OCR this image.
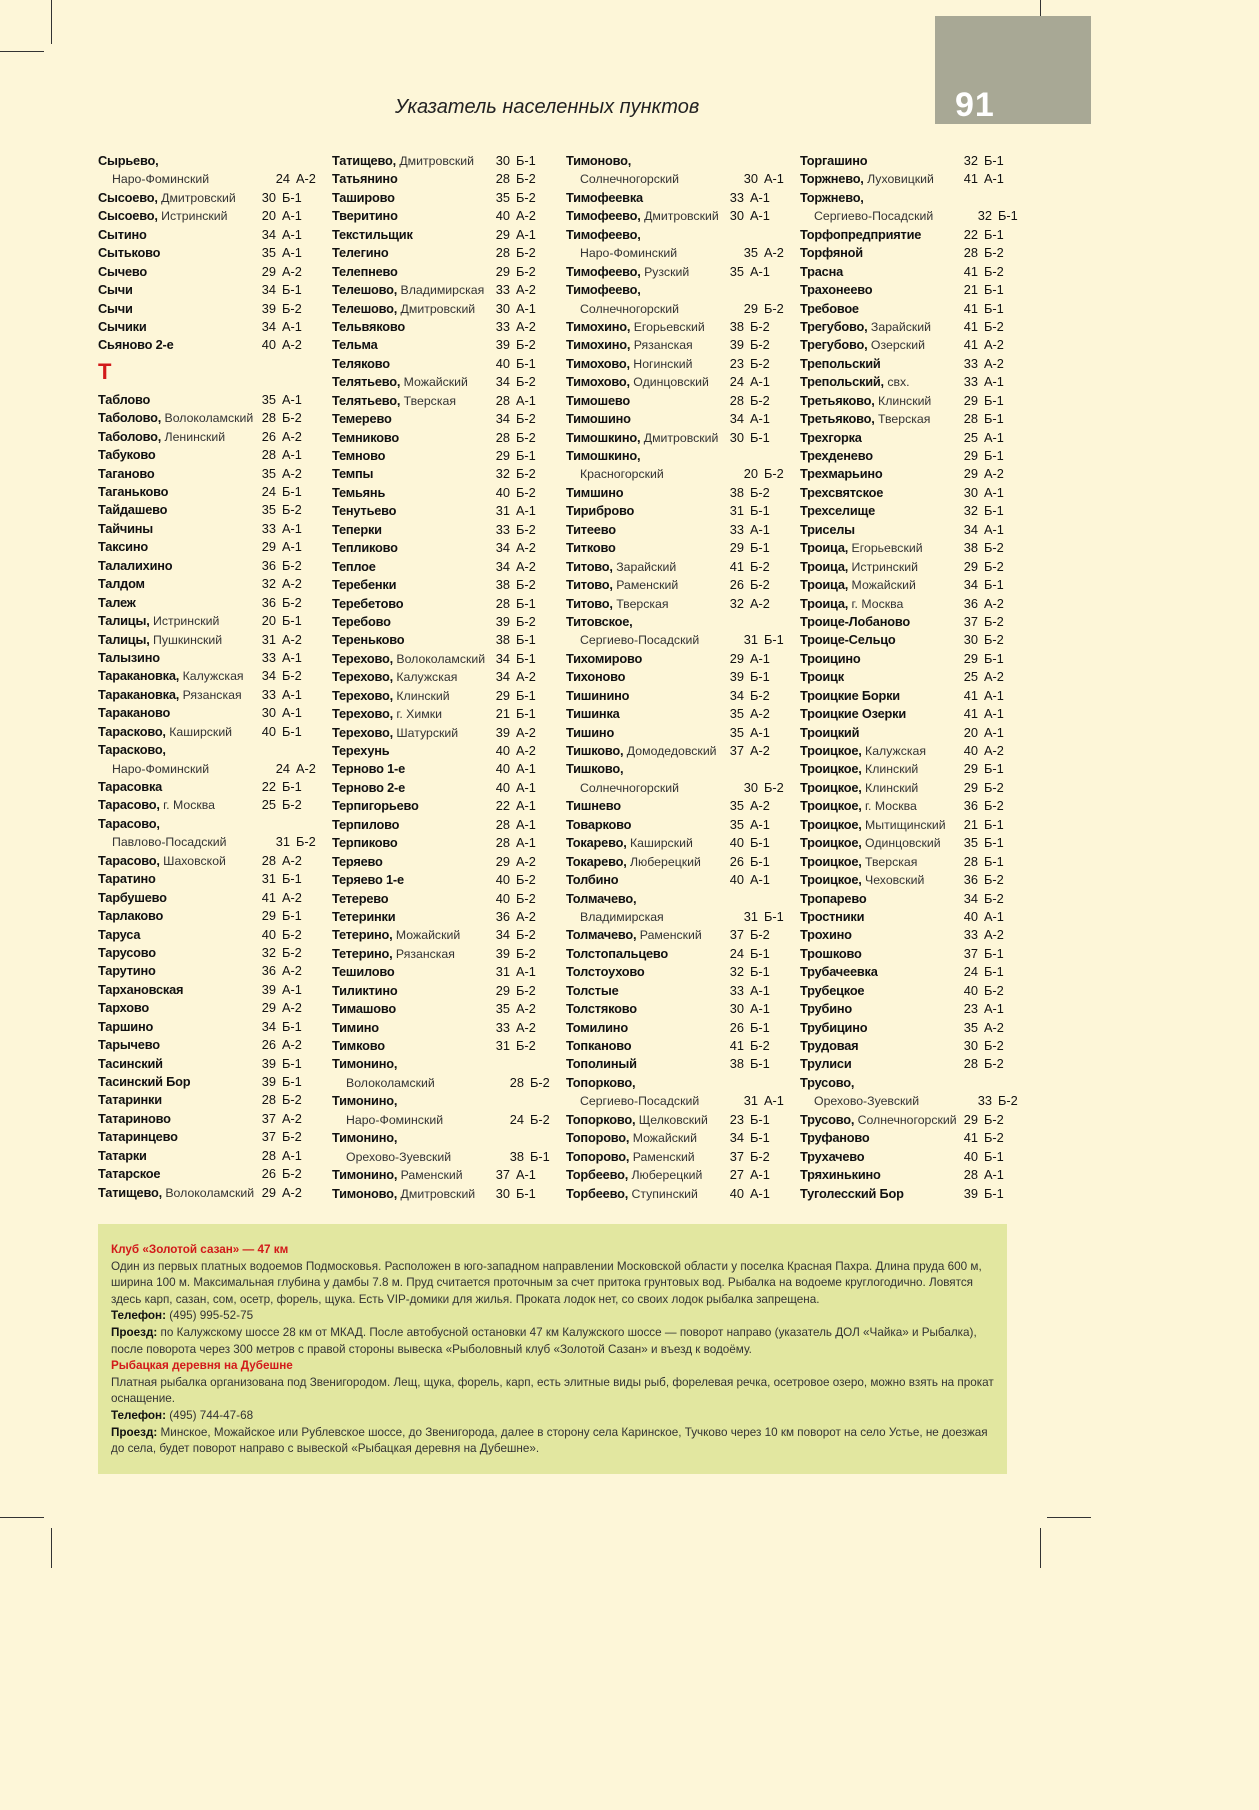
91
Указатель населенных пунктов
Сырьево,
Наро-Фоминский	24 А-2
Сысоево, Дмитровский	30 Б-1
Сысоево, Истринский	20 А-1
Сытино	34 А-1
Сытьково	35 А-1
Сычево	29 А-2
Сычи	34 Б-1
Сычи	39 Б-2
Сычики	34 А-1
Сьяново 2-е	40 А-2
Т
Таблово	35 А-1
Таболово, Волоколамский 28 Б-2
Таболово, Ленинский	26 А-2
Табуково	28 А-1
Таганово	35 А-2
Таганьково	24 Б-1
Тайдашево	35 Б-2
Тайчины	33 А-1
Таксино	29 А-1
Талалихино	36 Б-2
Талдом	32 А-2
Талеж	36 Б-2
Талицы, Истринский	20 Б-1
Талицы, Пушкинский	31 А-2
Талызино	33 А-1
Таракановка, Калужская	34 Б-2
Таракановка, Рязанская	33 А-1
Тараканово	30 А-1
Тарасково, Каширский	40 Б-1
Тарасково,
Наро-Фоминский	24 А-2
Тарасовка	22 Б-1
Тарасово, г. Москва	25 Б-2
Тарасово,
Павлово-Посадский	31 Б-2
Тарасово, Шаховской	28 А-2
Таратино	31 Б-1
Тарбушево	41 А-2
Тарлаково	29 Б-1
Таруса	40 Б-2
Тарусово	32 Б-2
Тарутино	36 А-2
Тархановская	39 А-1
Тархово	29 А-2
Таршино	34 Б-1
Тарычево	26 А-2
Тасинский	39 Б-1
Тасинский Бор	39 Б-1
Татаринки	28 Б-2
Татариново	37 А-2
Татаринцево	37 Б-2
Татарки	28 А-1
Татарское	26 Б-2
Татищево, Волоколамский 29 А-2
Татищево, Дмитровский	30 Б-1
Татьянино	28 Б-2
Таширово	35 Б-2
Тверитино	40 А-2
Текстильщик	29 А-1
Телегино	28 Б-2
Телепнево	29 Б-2
Телешово, Владимирская 33 А-2
Телешово, Дмитровский	30 А-1
Тельвяково	33 А-2
Тельма	39 Б-2
Теляково	40 Б-1
Телятьево, Можайский	34 Б-2
Телятьево, Тверская	28 А-1
Темерево	34 Б-2
Темниково	28 Б-2
Темново	29 Б-1
Темпы	32 Б-2
Темьянь	40 Б-2
Тенутьево	31 А-1
Теперки	33 Б-2
Тепликово	34 А-2
Теплое	34 А-2
Теребенки	38 Б-2
Теребетово	28 Б-1
Теребово	39 Б-2
Тереньково	38 Б-1
Терехово, Волоколамский 34 Б-1
Терехово, Калужская	34 А-2
Терехово, Клинский	29 Б-1
Терехово, г. Химки	21 Б-1
Терехово, Шатурский	39 А-2
Терехунь	40 А-2
Терново 1-е	40 А-1
Терново 2-е	40 А-1
Терпигорьево	22 А-1
Терпилово	28 А-1
Терпиково	28 А-1
Теряево	29 А-2
Теряево 1-е	40 Б-2
Тетерево	40 Б-2
Тетеринки	36 А-2
Тетерино, Можайский	34 Б-2
Тетерино, Рязанская	39 Б-2
Тешилово	31 А-1
Тиликтино	29 Б-2
Тимашово	35 А-2
Тимино	33 А-2
Тимково	31 Б-2
Тимонино,
Волоколамский	28 Б-2
Тимонино,
Наро-Фоминский	24 Б-2
Тимонино,
Орехово-Зуевский	38 Б-1
Тимонино, Раменский	37 А-1
Тимоново, Дмитровский	30 Б-1
Тимоново,
Солнечногорский	30 А-1
Тимофеевка	33 А-1
Тимофеево, Дмитровский 30 А-1
Тимофеево,
Наро-Фоминский	35 А-2
Тимофеево, Рузский	35 А-1
Тимофеево,
Солнечногорский	29 Б-2
Тимохино, Егорьевский	38 Б-2
Тимохино, Рязанская	39 Б-2
Тимохово, Ногинский	23 Б-2
Тимохово, Одинцовский	24 А-1
Тимошево	28 Б-2
Тимошино	34 А-1
Тимошкино, Дмитровский 30 Б-1
Тимошкино,
Красногорский	20 Б-2
Тимшино	38 Б-2
Тириброво	31 Б-1
Титеево	33 А-1
Титково	29 Б-1
Титово, Зарайский	41 Б-2
Титово, Раменский	26 Б-2
Титово, Тверская	32 А-2
Титовское,
Сергиево-Посадский	31 Б-1
Тихомирово	29 А-1
Тихоново	39 Б-1
Тишинино	34 Б-2
Тишинка	35 А-2
Тишино	35 А-1
Тишково, Домодедовский	37 А-2
Тишково,
Солнечногорский	30 Б-2
Тишнево	35 А-2
Товарково	35 А-1
Токарево, Каширский	40 Б-1
Токарево, Люберецкий	26 Б-1
Толбино	40 А-1
Толмачево,
Владимирская	31 Б-1
Толмачево, Раменский	37 Б-2
Толстопальцево	24 Б-1
Толстоухово	32 Б-1
Толстые	33 А-1
Толстяково	30 А-1
Томилино	26 Б-1
Топканово	41 Б-2
Тополиный	38 Б-1
Топорково,
Сергиево-Посадский	31 А-1
Топорково, Щелковский	23 Б-1
Топорово, Можайский	34 Б-1
Топорово, Раменский	37 Б-2
Торбеево, Люберецкий	27 А-1
Торбеево, Ступинский	40 А-1
Торгашино	32 Б-1
Торжнево, Луховицкий	41 А-1
Торжнево,
Сергиево-Посадский	32 Б-1
Торфопредприятие	22 Б-1
Торфяной	28 Б-2
Трасна	41 Б-2
Трахонеево	21 Б-1
Требовое	41 Б-1
Трегубово, Зарайский	41 Б-2
Трегубово, Озерский	41 А-2
Трепольский	33 А-2
Трепольский, свх.	33 А-1
Третьяково, Клинский	29 Б-1
Третьяково, Тверская	28 Б-1
Трехгорка	25 А-1
Трехденево	29 Б-1
Трехмарьино	29 А-2
Трехсвятское	30 А-1
Трехселище	32 Б-1
Триселы	34 А-1
Троица, Егорьевский	38 Б-2
Троица, Истринский	29 Б-2
Троица, Можайский	34 Б-1
Троица, г. Москва	36 А-2
Троице-Лобаново	37 Б-2
Троице-Сельцо	30 Б-2
Троицино	29 Б-1
Троицк	25 А-2
Троицкие Борки	41 А-1
Троицкие Озерки	41 А-1
Троицкий	20 А-1
Троицкое, Калужская	40 А-2
Троицкое, Клинский	29 Б-1
Троицкое, Клинский	29 Б-2
Троицкое, г. Москва	36 Б-2
Троицкое, Мытищинский	21 Б-1
Троицкое, Одинцовский	35 Б-1
Троицкое, Тверская	28 Б-1
Троицкое, Чеховский	36 Б-2
Тропарево	34 Б-2
Тростники	40 А-1
Трохино	33 А-2
Трошково	37 Б-1
Трубачеевка	24 Б-1
Трубецкое	40 Б-2
Трубино	23 А-1
Трубицино	35 А-2
Трудовая	30 Б-2
Трулиси	28 Б-2
Трусово,
Орехово-Зуевский	33 Б-2
Трусово, Солнечногорский 29 Б-2
Труфаново	41 Б-2
Трухачево	40 Б-1
Тряхинькино	28 А-1
Туголесский Бор	39 Б-1
Клуб «Золотой сазан» — 47 км
Один из первых платных водоемов Подмосковья. Расположен в юго-западном направлении Московской области у поселка Красная Пахра. Длина пруда 600 м, ширина 100 м. Максимальная глубина у дамбы 7.8 м. Пруд считается проточным за счет притока грунтовых вод. Рыбалка на водоеме круглогодично. Ловятся здесь карп, сазан, сом, осетр, форель, щука. Есть VIP-домики для жилья. Проката лодок нет, со своих лодок рыбалка запрещена.
Телефон: (495) 995-52-75
Проезд: по Калужскому шоссе 28 км от МКАД. После автобусной остановки 47 км Калужского шоссе — поворот направо (указатель ДОЛ «Чайка» и Рыбалка), после поворота через 300 метров с правой стороны вывеска «Рыболовный клуб «Золотой Сазан» и въезд к водоёму.
Рыбацкая деревня на Дубешне
Платная рыбалка организована под Звенигородом. Лещ, щука, форель, карп, есть элитные виды рыб, форелевая речка, осетровое озеро, можно взять на прокат оснащение.
Телефон: (495) 744-47-68
Проезд: Минское, Можайское или Рублевское шоссе, до Звенигорода, далее в сторону села Каринское, Тучково через 10 км поворот на село Устье, не доезжая до села, будет поворот направо с вывеской «Рыбацкая деревня на Дубешне».
